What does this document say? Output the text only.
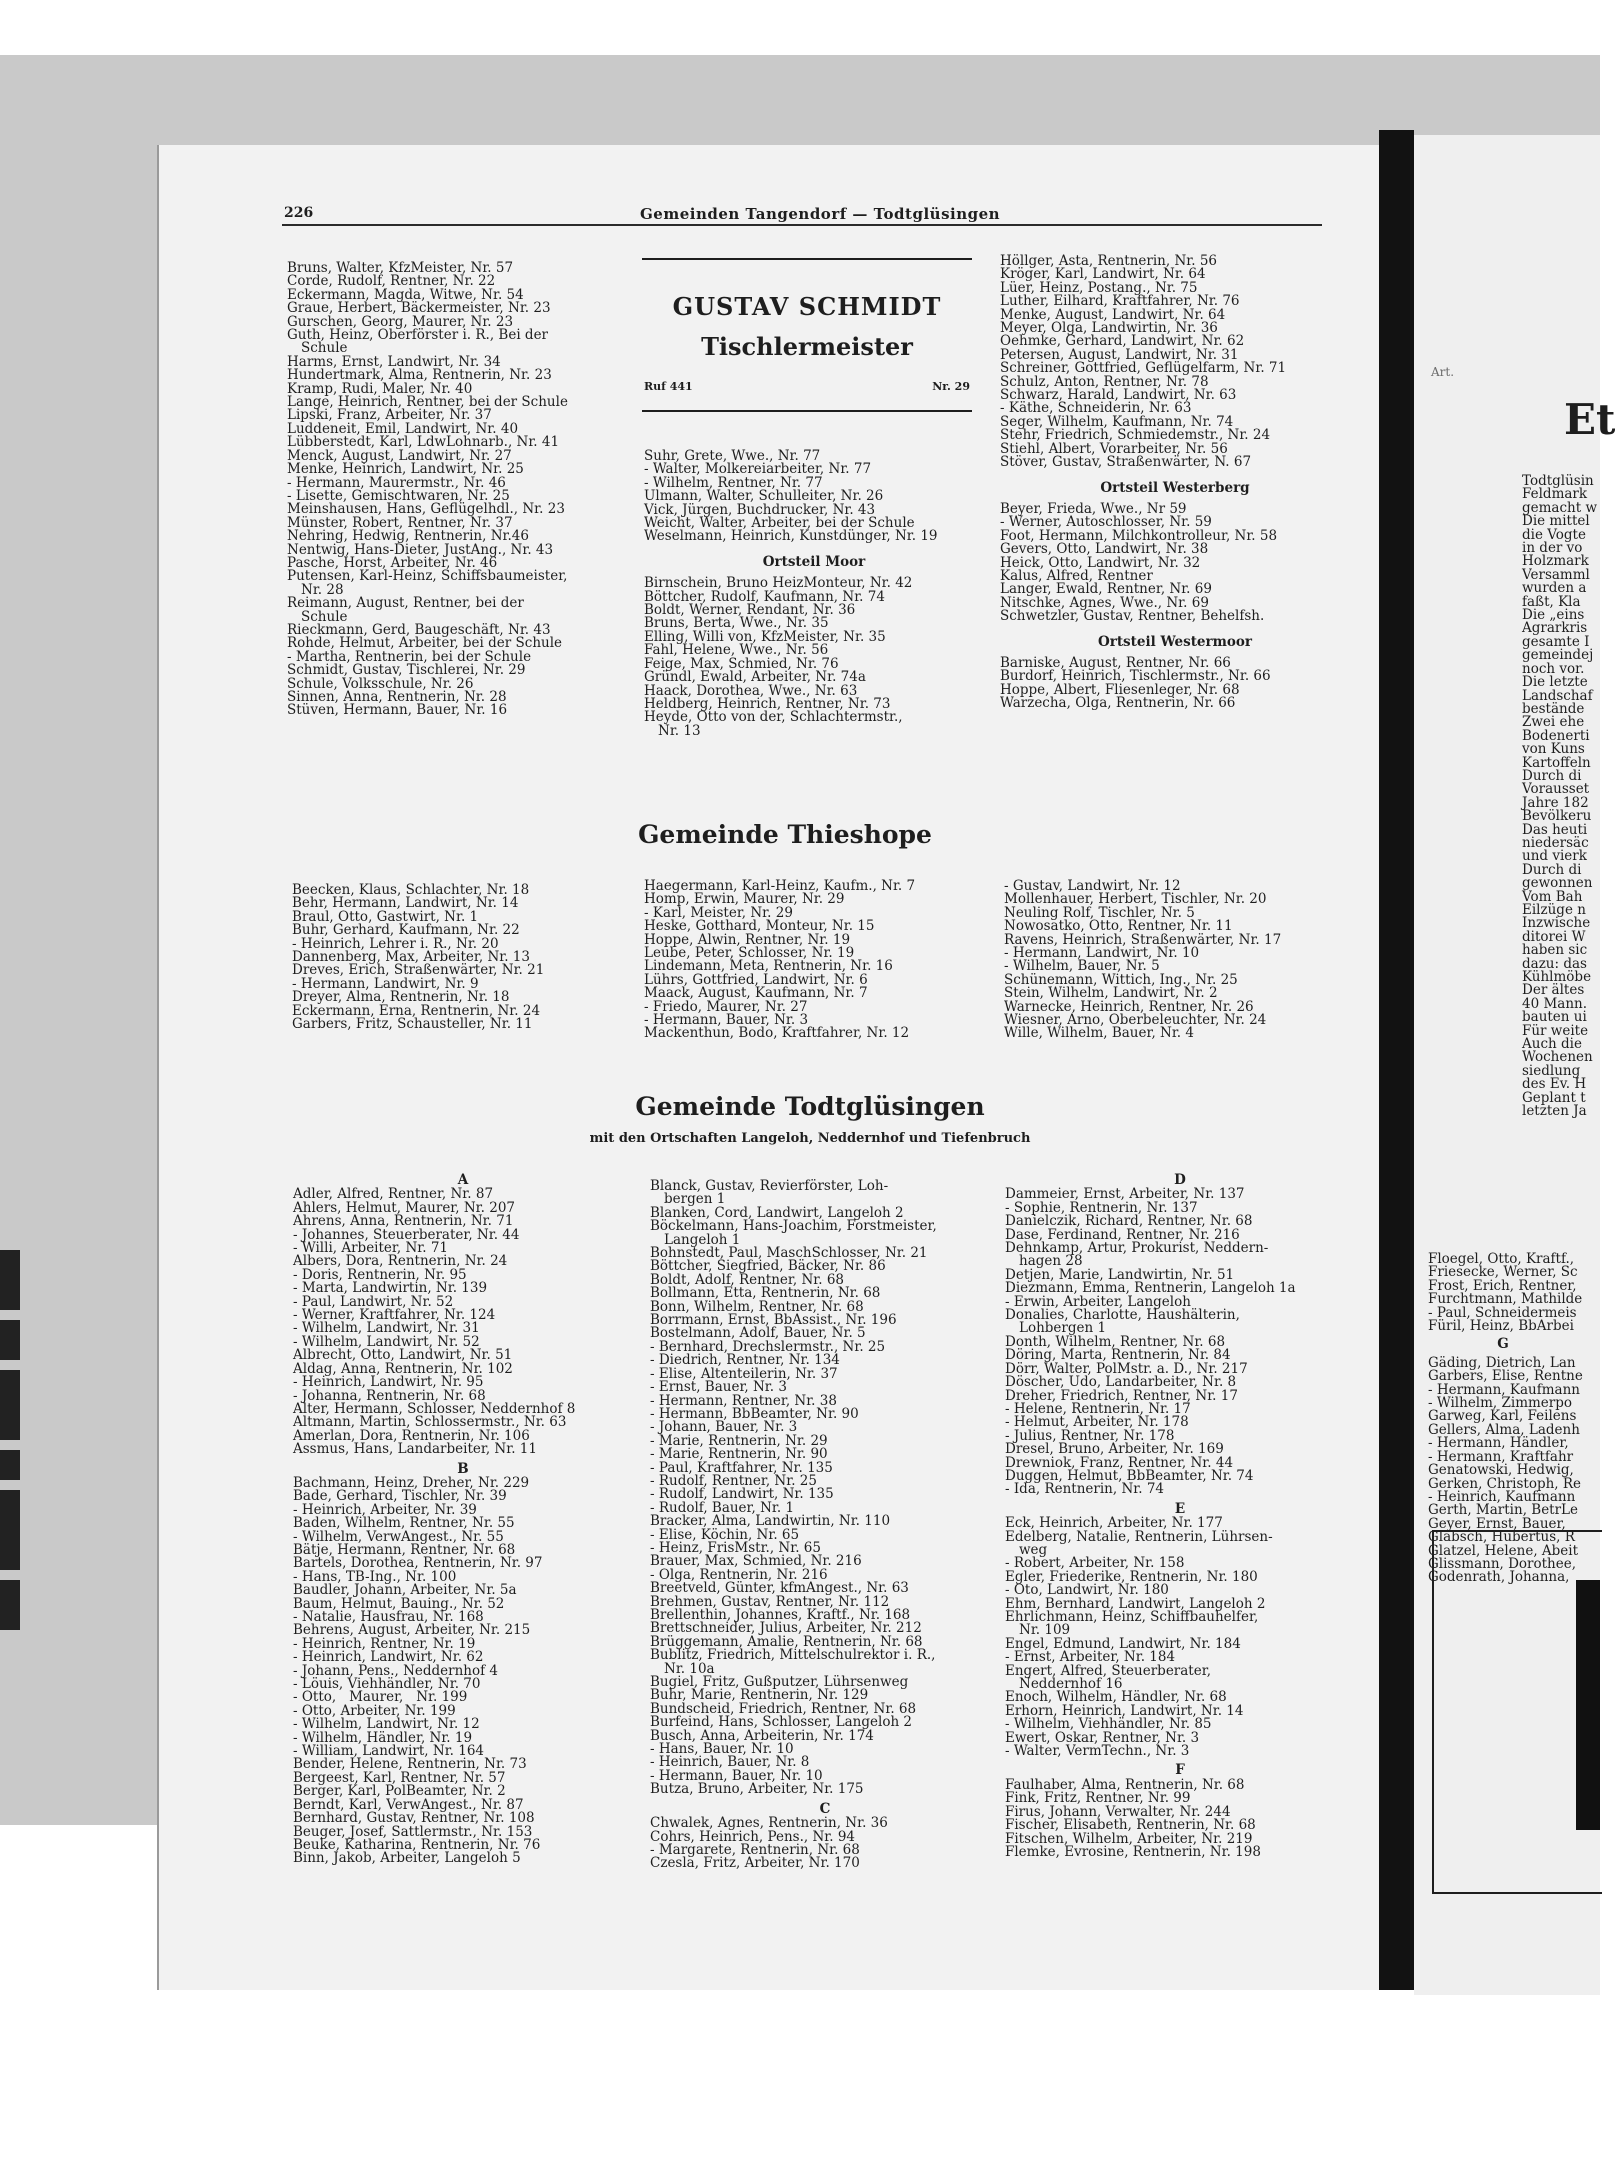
Art.
Et
Todtglüsin
Feldmark
gemacht w
Die mittel
die Vogte
in der vo
Holzmark
Versamml
wurden a
faßt, Kla
Die „eins
Agrarkris
gesamte I
gemeindej
noch vor.
Die letzte
Landschaf
bestände
Zwei ehe
Bodenerti
von Kuns
Kartoffeln
Durch di
Vorausset
Jahre 182
Bevölkeru
Das heuti
niedersäc
und vierk
Durch di
gewonnen
Vom Bah
Eilzüge n
Inzwische
ditorei W
haben sic
dazu: das
Kühlmöbe
Der ältes
40 Mann.
bauten ui
Für weite
Auch die
Wochenen
siedlung
des Ev. H
Geplant t
letzten Ja
Floegel, Otto, Kraftf.,
Friesecke, Werner, Sc
Frost, Erich, Rentner,
Furchtmann, Mathilde
- Paul, Schneidermeis
Füril, Heinz, BbArbei
G
Gäding, Dietrich, Lan
Garbers, Elise, Rentne
- Hermann, Kaufmann
- Wilhelm, Zimmerpo
Garweg, Karl, Feilens
Gellers, Alma, Ladenh
- Hermann, Händler,
- Hermann, Kraftfahr
Genatowski, Hedwig,
Gerken, Christoph, Re
- Heinrich, Kaufmann
Gerth, Martin, BetrLe
Geyer, Ernst, Bauer,
Glabsch, Hubertus, R
Glatzel, Helene, Abeit
Glissmann, Dorothee,
Godenrath, Johanna,
226	Gemeinden Tangendorf — Todtglüsingen
Bruns, Walter, KfzMeister, Nr. 57
Corde, Rudolf, Rentner, Nr. 22
Eckermann, Magda, Witwe, Nr. 54
Graue, Herbert, Bäckermeister, Nr. 23
Gurschen, Georg, Maurer, Nr. 23
Guth, Heinz, Oberförster i. R., Bei der
Schule
Harms, Ernst, Landwirt, Nr. 34
Hundertmark, Alma, Rentnerin, Nr. 23
Kramp, Rudi, Maler, Nr. 40
Lange, Heinrich, Rentner, bei der Schule
Lipski, Franz, Arbeiter, Nr. 37
Luddeneit, Emil, Landwirt, Nr. 40
Lübberstedt, Karl, LdwLohnarb., Nr. 41
Menck, August, Landwirt, Nr. 27
Menke, Heinrich, Landwirt, Nr. 25
- Hermann, Maurermstr., Nr. 46
- Lisette, Gemischtwaren, Nr. 25
Meinshausen, Hans, Geflügelhdl., Nr. 23
Münster, Robert, Rentner, Nr. 37
Nehring, Hedwig, Rentnerin, Nr.46
Nentwig, Hans-Dieter, JustAng., Nr. 43
Pasche, Horst, Arbeiter, Nr. 46
Putensen, Karl-Heinz, Schiffsbaumeister,
Nr. 28
Reimann, August, Rentner, bei der
Schule
Rieckmann, Gerd, Baugeschäft, Nr. 43
Rohde, Helmut, Arbeiter, bei der Schule
- Martha, Rentnerin, bei der Schule
Schmidt, Gustav, Tischlerei, Nr. 29
Schule, Volksschule, Nr. 26
Sinnen, Anna, Rentnerin, Nr. 28
Stüven, Hermann, Bauer, Nr. 16
GUSTAV SCHMIDT
Tischlermeister
Ruf 441	Nr. 29
Suhr, Grete, Wwe., Nr. 77
- Walter, Molkereiarbeiter, Nr. 77
- Wilhelm, Rentner, Nr. 77
Ulmann, Walter, Schulleiter, Nr. 26
Vick, Jürgen, Buchdrucker, Nr. 43
Weicht, Walter, Arbeiter, bei der Schule
Weselmann, Heinrich, Kunstdünger, Nr. 19
Ortsteil Moor
Birnschein, Bruno HeizMonteur, Nr. 42
Böttcher, Rudolf, Kaufmann, Nr. 74
Boldt, Werner, Rendant, Nr. 36
Bruns, Berta, Wwe., Nr. 35
Elling, Willi von, KfzMeister, Nr. 35
Fahl, Helene, Wwe., Nr. 56
Feige, Max, Schmied, Nr. 76
Gründl, Ewald, Arbeiter, Nr. 74a
Haack, Dorothea, Wwe., Nr. 63
Heldberg, Heinrich, Rentner, Nr. 73
Heyde, Otto von der, Schlachtermstr.,
Nr. 13
Höllger, Asta, Rentnerin, Nr. 56
Kröger, Karl, Landwirt, Nr. 64
Lüer, Heinz, Postang., Nr. 75
Luther, Eilhard, Kraftfahrer, Nr. 76
Menke, August, Landwirt, Nr. 64
Meyer, Olga, Landwirtin, Nr. 36
Oehmke, Gerhard, Landwirt, Nr. 62
Petersen, August, Landwirt, Nr. 31
Schreiner, Gottfried, Geflügelfarm, Nr. 71
Schulz, Anton, Rentner, Nr. 78
Schwarz, Harald, Landwirt, Nr. 63
- Käthe, Schneiderin, Nr. 63
Seger, Wilhelm, Kaufmann, Nr. 74
Stehr, Friedrich, Schmiedemstr., Nr. 24
Stiehl, Albert, Vorarbeiter, Nr. 56
Stöver, Gustav, Straßenwärter, N. 67
Ortsteil Westerberg
Beyer, Frieda, Wwe., Nr 59
- Werner, Autoschlosser, Nr. 59
Foot, Hermann, Milchkontrolleur, Nr. 58
Gevers, Otto, Landwirt, Nr. 38
Heick, Otto, Landwirt, Nr. 32
Kalus, Alfred, Rentner
Langer, Ewald, Rentner, Nr. 69
Nitschke, Agnes, Wwe., Nr. 69
Schwetzler, Gustav, Rentner, Behelfsh.
Ortsteil Westermoor
Barniske, August, Rentner, Nr. 66
Burdorf, Heinrich, Tischlermstr., Nr. 66
Hoppe, Albert, Fliesenleger, Nr. 68
Warzecha, Olga, Rentnerin, Nr. 66
Gemeinde Thieshope
Beecken, Klaus, Schlachter, Nr. 18
Behr, Hermann, Landwirt, Nr. 14
Braul, Otto, Gastwirt, Nr. 1
Buhr, Gerhard, Kaufmann, Nr. 22
- Heinrich, Lehrer i. R., Nr. 20
Dannenberg, Max, Arbeiter, Nr. 13
Dreves, Erich, Straßenwärter, Nr. 21
- Hermann, Landwirt, Nr. 9
Dreyer, Alma, Rentnerin, Nr. 18
Eckermann, Erna, Rentnerin, Nr. 24
Garbers, Fritz, Schausteller, Nr. 11
Haegermann, Karl-Heinz, Kaufm., Nr. 7
Homp, Erwin, Maurer, Nr. 29
- Karl, Meister, Nr. 29
Heske, Gotthard, Monteur, Nr. 15
Hoppe, Alwin, Rentner, Nr. 19
Leube, Peter, Schlosser, Nr. 19
Lindemann, Meta, Rentnerin, Nr. 16
Lührs, Gottfried, Landwirt, Nr. 6
Maack, August, Kaufmann, Nr. 7
- Friedo, Maurer, Nr. 27
- Hermann, Bauer, Nr. 3
Mackenthun, Bodo, Kraftfahrer, Nr. 12
- Gustav, Landwirt, Nr. 12
Mollenhauer, Herbert, Tischler, Nr. 20
Neuling Rolf, Tischler, Nr. 5
Nowosatko, Otto, Rentner, Nr. 11
Ravens, Heinrich, Straßenwärter, Nr. 17
- Hermann, Landwirt, Nr. 10
- Wilhelm, Bauer, Nr. 5
Schünemann, Wittich, Ing., Nr. 25
Stein, Wilhelm, Landwirt, Nr. 2
Warnecke, Heinrich, Rentner, Nr. 26
Wiesner, Arno, Oberbeleuchter, Nr. 24
Wille, Wilhelm, Bauer, Nr. 4
Gemeinde Todtglüsingen
mit den Ortschaften Langeloh, Neddernhof und Tiefenbruch
A
Adler, Alfred, Rentner, Nr. 87
Ahlers, Helmut, Maurer, Nr. 207
Ahrens, Anna, Rentnerin, Nr. 71
- Johannes, Steuerberater, Nr. 44
- Willi, Arbeiter, Nr. 71
Albers, Dora, Rentnerin, Nr. 24
- Doris, Rentnerin, Nr. 95
- Marta, Landwirtin, Nr. 139
- Paul, Landwirt, Nr. 52
- Werner, Kraftfahrer, Nr. 124
- Wilhelm, Landwirt, Nr. 31
- Wilhelm, Landwirt, Nr. 52
Albrecht, Otto, Landwirt, Nr. 51
Aldag, Anna, Rentnerin, Nr. 102
- Heinrich, Landwirt, Nr. 95
- Johanna, Rentnerin, Nr. 68
Alter, Hermann, Schlosser, Neddernhof 8
Altmann, Martin, Schlossermstr., Nr. 63
Amerlan, Dora, Rentnerin, Nr. 106
Assmus, Hans, Landarbeiter, Nr. 11
B
Bachmann, Heinz, Dreher, Nr. 229
Bade, Gerhard, Tischler, Nr. 39
- Heinrich, Arbeiter, Nr. 39
Baden, Wilhelm, Rentner, Nr. 55
- Wilhelm, VerwAngest., Nr. 55
Bätje, Hermann, Rentner, Nr. 68
Bartels, Dorothea, Rentnerin, Nr. 97
- Hans, TB-Ing., Nr. 100
Baudler, Johann, Arbeiter, Nr. 5a
Baum, Helmut, Bauing., Nr. 52
- Natalie, Hausfrau, Nr. 168
Behrens, August, Arbeiter, Nr. 215
- Heinrich, Rentner, Nr. 19
- Heinrich, Landwirt, Nr. 62
- Johann, Pens., Neddernhof 4
- Löuis, Viehhändler, Nr. 70
- Otto,   Maurer,   Nr. 199
- Otto, Arbeiter, Nr. 199
- Wilhelm, Landwirt, Nr. 12
- Wilhelm, Händler, Nr. 19
- William, Landwirt, Nr. 164
Bender, Helene, Rentnerin, Nr. 73
Bergeest, Karl, Rentner, Nr. 57
Berger, Karl, PolBeamter, Nr. 2
Berndt, Karl, VerwAngest., Nr. 87
Bernhard, Gustav, Rentner, Nr. 108
Beuger, Josef, Sattlermstr., Nr. 153
Beuke, Katharina, Rentnerin, Nr. 76
Binn, Jakob, Arbeiter, Langeloh 5
Blanck, Gustav, Revierförster, Loh-
bergen 1
Blanken, Cord, Landwirt, Langeloh 2
Böckelmann, Hans-Joachim, Forstmeister,
Langeloh 1
Bohnstedt, Paul, MaschSchlosser, Nr. 21
Böttcher, Siegfried, Bäcker, Nr. 86
Boldt, Adolf, Rentner, Nr. 68
Bollmann, Etta, Rentnerin, Nr. 68
Bonn, Wilhelm, Rentner, Nr. 68
Borrmann, Ernst, BbAssist., Nr. 196
Bostelmann, Adolf, Bauer, Nr. 5
- Bernhard, Drechslermstr., Nr. 25
- Diedrich, Rentner, Nr. 134
- Elise, Altenteilerin, Nr. 37
- Ernst, Bauer, Nr. 3
- Hermann, Rentner, Nr. 38
- Hermann, BbBeamter, Nr. 90
- Johann, Bauer, Nr. 3
- Marie, Rentnerin, Nr. 29
- Marie, Rentnerin, Nr. 90
- Paul, Kraftfahrer, Nr. 135
- Rudolf, Rentner, Nr. 25
- Rudolf, Landwirt, Nr. 135
- Rudolf, Bauer, Nr. 1
Bracker, Alma, Landwirtin, Nr. 110
- Elise, Köchin, Nr. 65
- Heinz, FrisMstr., Nr. 65
Brauer, Max, Schmied, Nr. 216
- Olga, Rentnerin, Nr. 216
Breetveld, Günter, kfmAngest., Nr. 63
Brehmen, Gustav, Rentner, Nr. 112
Brellenthin, Johannes, Kraftf., Nr. 168
Brettschneider, Julius, Arbeiter, Nr. 212
Brüggemann, Amalie, Rentnerin, Nr. 68
Bublitz, Friedrich, Mittelschulrektor i. R.,
Nr. 10a
Bugiel, Fritz, Gußputzer, Lührsenweg
Buhr, Marie, Rentnerin, Nr. 129
Bundscheid, Friedrich, Rentner, Nr. 68
Burfeind, Hans, Schlosser, Langeloh 2
Busch, Anna, Arbeiterin, Nr. 174
- Hans, Bauer, Nr. 10
- Heinrich, Bauer, Nr. 8
- Hermann, Bauer, Nr. 10
Butza, Bruno, Arbeiter, Nr. 175
C
Chwalek, Agnes, Rentnerin, Nr. 36
Cohrs, Heinrich, Pens., Nr. 94
- Margarete, Rentnerin, Nr. 68
Czesla, Fritz, Arbeiter, Nr. 170
D
Dammeier, Ernst, Arbeiter, Nr. 137
- Sophie, Rentnerin, Nr. 137
Danielczik, Richard, Rentner, Nr. 68
Dase, Ferdinand, Rentner, Nr. 216
Dehnkamp, Artur, Prokurist, Neddern-
hagen 28
Detjen, Marie, Landwirtin, Nr. 51
Diezmann, Emma, Rentnerin, Langeloh 1a
- Erwin, Arbeiter, Langeloh
Donalies, Charlotte, Haushälterin,
Lohbergen 1
Donth, Wilhelm, Rentner, Nr. 68
Döring, Marta, Rentnerin, Nr. 84
Dörr, Walter, PolMstr. a. D., Nr. 217
Döscher, Udo, Landarbeiter, Nr. 8
Dreher, Friedrich, Rentner, Nr. 17
- Helene, Rentnerin, Nr. 17
- Helmut, Arbeiter, Nr. 178
- Julius, Rentner, Nr. 178
Dresel, Bruno, Arbeiter, Nr. 169
Drewniok, Franz, Rentner, Nr. 44
Duggen, Helmut, BbBeamter, Nr. 74
- Ida, Rentnerin, Nr. 74
E
Eck, Heinrich, Arbeiter, Nr. 177
Edelberg, Natalie, Rentnerin, Lührsen-
weg
- Robert, Arbeiter, Nr. 158
Egler, Friederike, Rentnerin, Nr. 180
- Oto, Landwirt, Nr. 180
Ehm, Bernhard, Landwirt, Langeloh 2
Ehrlichmann, Heinz, Schiffbauhelfer,
Nr. 109
Engel, Edmund, Landwirt, Nr. 184
- Ernst, Arbeiter, Nr. 184
Engert, Alfred, Steuerberater,
Neddernhof 16
Enoch, Wilhelm, Händler, Nr. 68
Erhorn, Heinrich, Landwirt, Nr. 14
- Wilhelm, Viehhändler, Nr. 85
Ewert, Oskar, Rentner, Nr. 3
- Walter, VermTechn., Nr. 3
F
Faulhaber, Alma, Rentnerin, Nr. 68
Fink, Fritz, Rentner, Nr. 99
Firus, Johann, Verwalter, Nr. 244
Fischer, Elisabeth, Rentnerin, Nr. 68
Fitschen, Wilhelm, Arbeiter, Nr. 219
Flemke, Evrosine, Rentnerin, Nr. 198
